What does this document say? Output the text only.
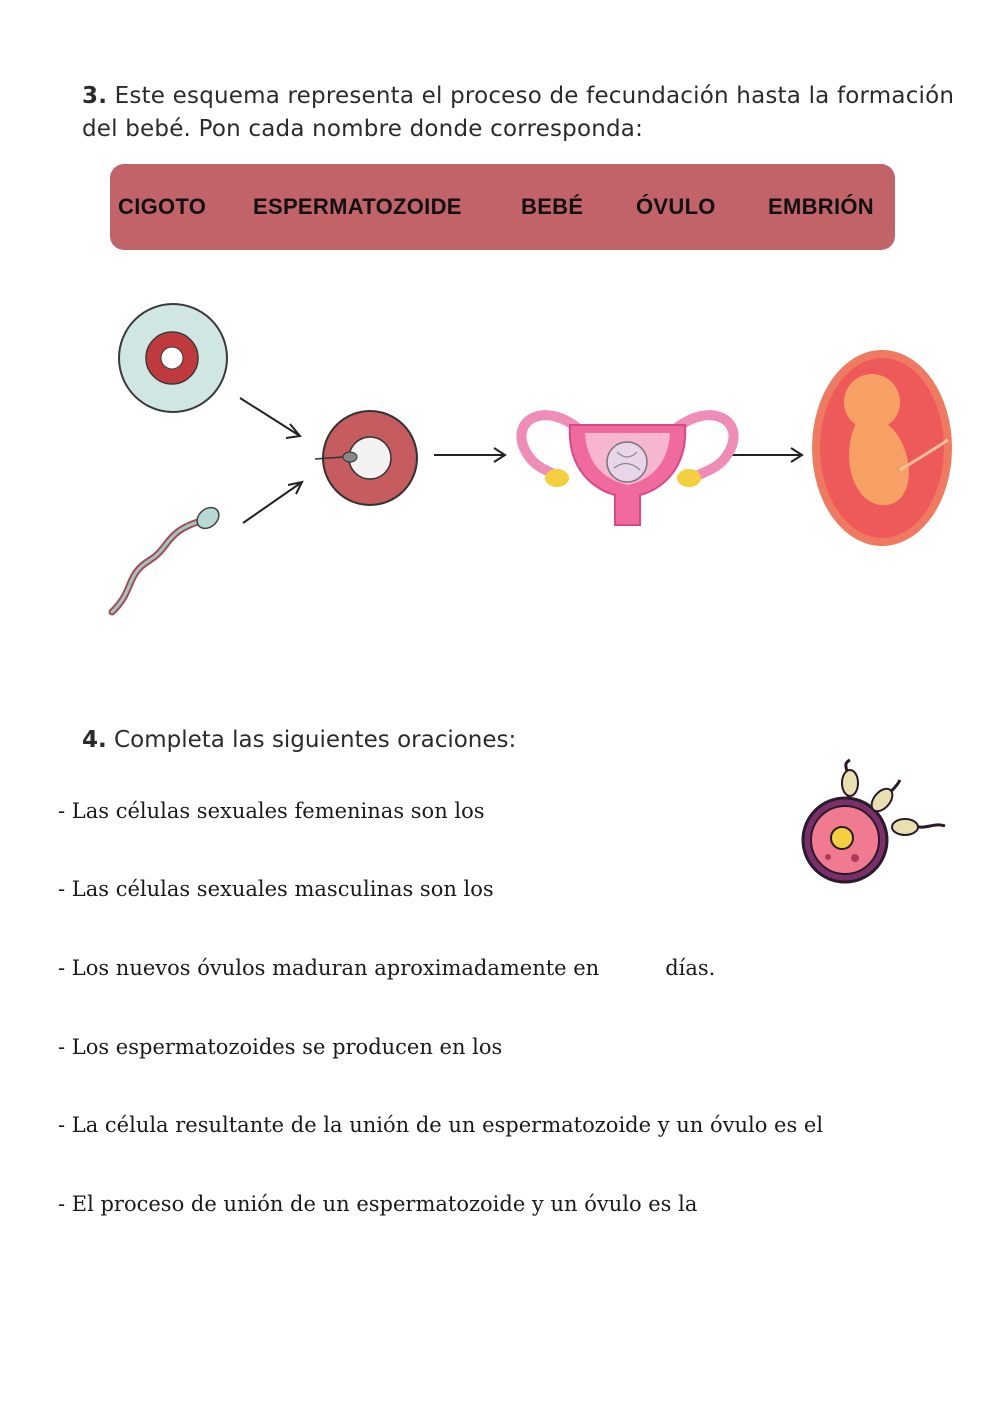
3. Este esquema representa el proceso de fecundación hasta la formación del bebé. Pon cada nombre donde corresponda:
CIGOTO ESPERMATOZOIDE	BEBÉ ÓVULO EMBRIÓN
4. Completa las siguientes oraciones:
- Las células sexuales femeninas son los
- Las células sexuales masculinas son los
- Los nuevos óvulos maduran aproximadamente en	días.
- Los espermatozoides se producen en los
- La célula resultante de la unión de un espermatozoide y un óvulo es el
- El proceso de unión de un espermatozoide y un óvulo es la
